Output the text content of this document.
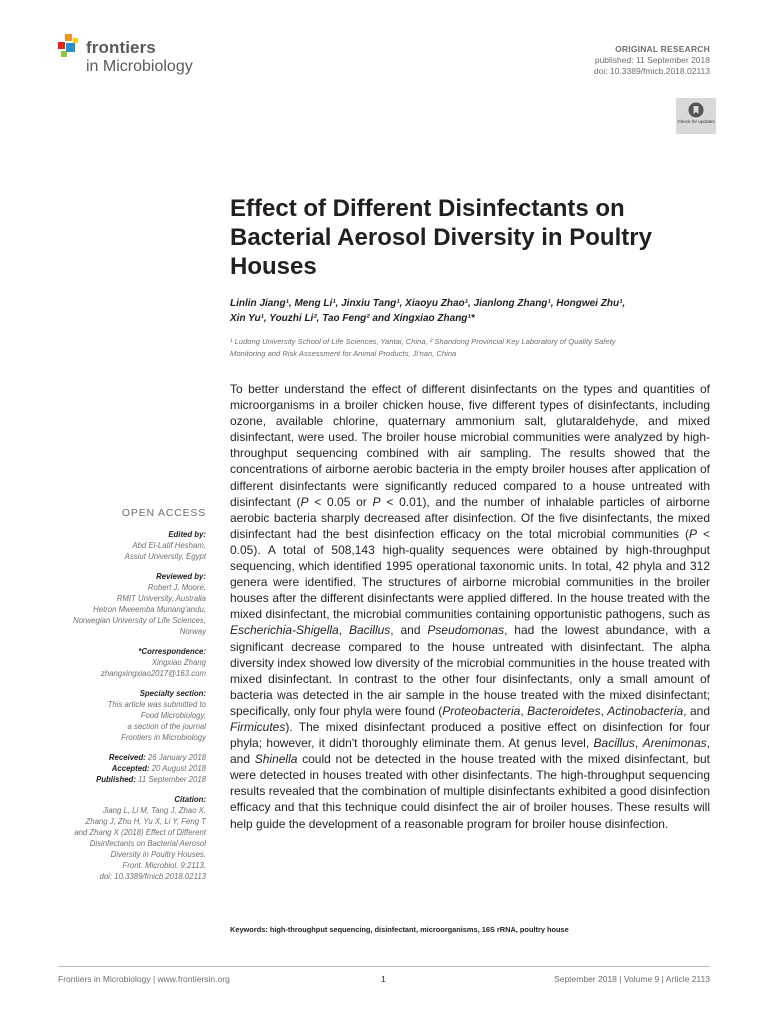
frontiers
in Microbiology
ORIGINAL RESEARCH
published: 11 September 2018
doi: 10.3389/fmicb.2018.02113
Check for updates
Effect of Different Disinfectants on Bacterial Aerosol Diversity in Poultry Houses
Linlin Jiang¹, Meng Li¹, Jinxiu Tang¹, Xiaoyu Zhao¹, Jianlong Zhang¹, Hongwei Zhu¹,
Xin Yu¹, Youzhi Li², Tao Feng² and Xingxiao Zhang¹*
¹ Ludong University School of Life Sciences, Yantai, China, ² Shandong Provincial Key Laboratory of Quality Safety
Monitoring and Risk Assessment for Animal Products, Ji'nan, China
To better understand the effect of different disinfectants on the types and quantities of microorganisms in a broiler chicken house, five different types of disinfectants, including ozone, available chlorine, quaternary ammonium salt, glutaraldehyde, and mixed disinfectant, were used. The broiler house microbial communities were analyzed by high-throughput sequencing combined with air sampling. The results showed that the concentrations of airborne aerobic bacteria in the empty broiler houses after application of different disinfectants were significantly reduced compared to a house untreated with disinfectant (P < 0.05 or P < 0.01), and the number of inhalable particles of airborne aerobic bacteria sharply decreased after disinfection. Of the five disinfectants, the mixed disinfectant had the best disinfection efficacy on the total microbial communities (P < 0.05). A total of 508,143 high-quality sequences were obtained by high-throughput sequencing, which identified 1995 operational taxonomic units. In total, 42 phyla and 312 genera were identified. The structures of airborne microbial communities in the broiler houses after the different disinfectants were applied differed. In the house treated with the mixed disinfectant, the microbial communities containing opportunistic pathogens, such as Escherichia-Shigella, Bacillus, and Pseudomonas, had the lowest abundance, with a significant decrease compared to the house untreated with disinfectant. The alpha diversity index showed low diversity of the microbial communities in the house treated with mixed disinfectant. In contrast to the other four disinfectants, only a small amount of bacteria was detected in the air sample in the house treated with the mixed disinfectant; specifically, only four phyla were found (Proteobacteria, Bacteroidetes, Actinobacteria, and Firmicutes). The mixed disinfectant produced a positive effect on disinfection for four phyla; however, it didn't thoroughly eliminate them. At genus level, Bacillus, Arenimonas, and Shinella could not be detected in the house treated with the mixed disinfectant, but were detected in houses treated with other disinfectants. The high-throughput sequencing results revealed that the combination of multiple disinfectants exhibited a good disinfection efficacy and that this technique could disinfect the air of broiler houses. These results will help guide the development of a reasonable program for broiler house disinfection.
Keywords: high-throughput sequencing, disinfectant, microorganisms, 16S rRNA, poultry house
OPEN ACCESS
Edited by:
Abd El-Latif Hesham,
Assiut University, Egypt
Reviewed by:
Robert J. Moore,
RMIT University, Australia
Hetron Mweemba Munang'andu,
Norwegian University of Life Sciences,
Norway
*Correspondence:
Xingxiao Zhang
zhangxingxiao2017@163.com
Specialty section:
This article was submitted to
Food Microbiology,
a section of the journal
Frontiers in Microbiology
Received: 26 January 2018
Accepted: 20 August 2018
Published: 11 September 2018
Citation:
Jiang L, Li M, Tang J, Zhao X,
Zhang J, Zhu H, Yu X, Li Y, Feng T
and Zhang X (2018) Effect of Different
Disinfectants on Bacterial Aerosol
Diversity in Poultry Houses.
Front. Microbiol. 9:2113.
doi: 10.3389/fmicb.2018.02113
Frontiers in Microbiology | www.frontiersin.org	1	September 2018 | Volume 9 | Article 2113
